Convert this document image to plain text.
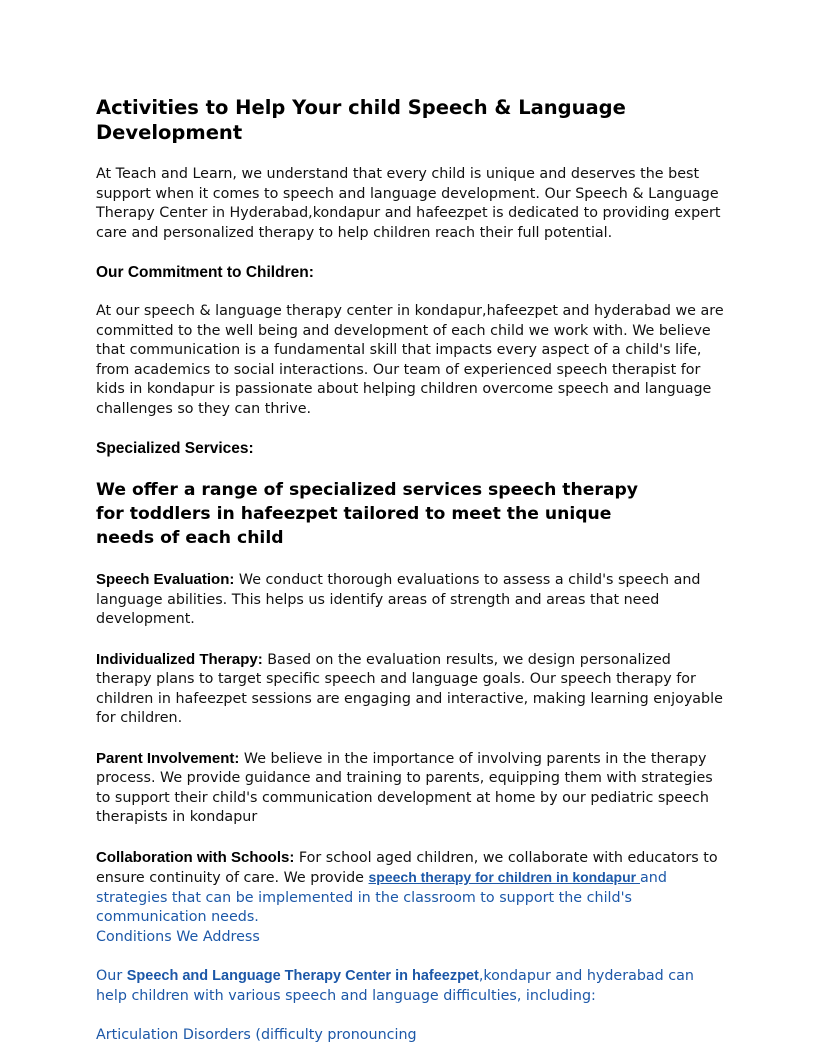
Activities to Help Your child Speech & Language Development

At Teach and Learn, we understand that every child is unique and deserves the best support when it comes to speech and language development. Our Speech & Language Therapy Center in Hyderabad,kondapur and hafeezpet is dedicated to providing expert care and personalized therapy to help children reach their full potential.

Our Commitment to Children:

At our speech & language therapy center in kondapur,hafeezpet and hyderabad we are committed to the well being and development of each child we work with. We believe that communication is a fundamental skill that impacts every aspect of a child's life, from academics to social interactions. Our team of experienced speech therapist for kids in kondapur is passionate about helping children overcome speech and language challenges so they can thrive.

Specialized Services:
We offer a range of specialized services speech therapy for toddlers in hafeezpet tailored to meet the unique needs of each child

Speech Evaluation: We conduct thorough evaluations to assess a child's speech and language abilities. This helps us identify areas of strength and areas that need development.

Individualized Therapy: Based on the evaluation results, we design personalized therapy plans to target specific speech and language goals. Our speech therapy for children in hafeezpet sessions are engaging and interactive, making learning enjoyable for children.

Parent Involvement: We believe in the importance of involving parents in the therapy process. We provide guidance and training to parents, equipping them with strategies to support their child's communication development at home by our pediatric speech therapists in kondapur

Collaboration with Schools: For school aged children, we collaborate with educators to ensure continuity of care. We provide speech therapy for children in kondapur and strategies that can be implemented in the classroom to support the child's communication needs.

Conditions We Address

Our Speech and Language Therapy Center in hafeezpet,kondapur and hyderabad can help children with various speech and language difficulties, including:

Articulation Disorders (difficulty pronouncing
